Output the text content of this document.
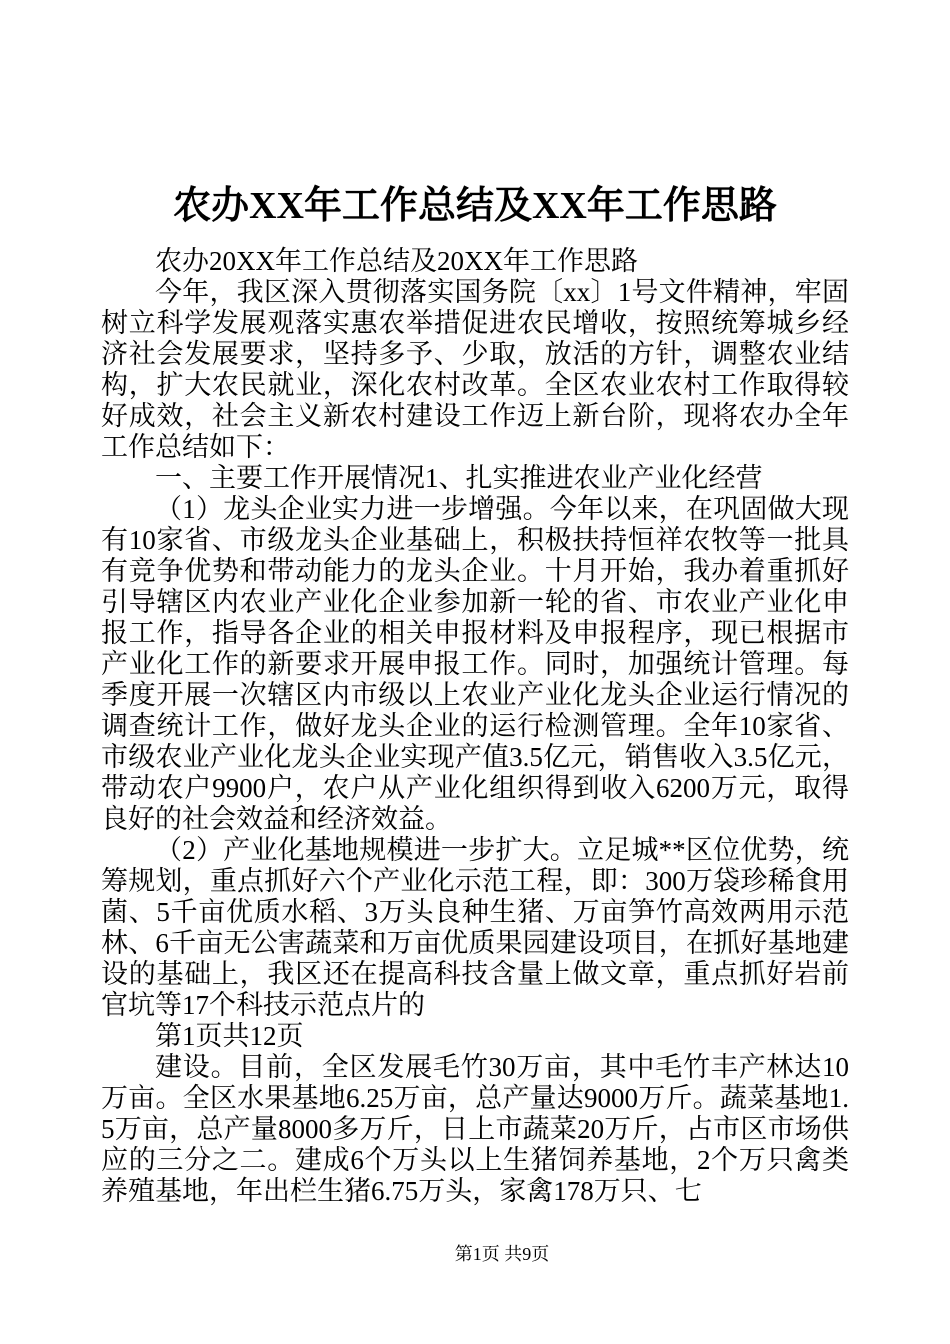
农办XX年工作总结及XX年工作思路

农办20XX年工作总结及20XX年工作思路

今年，我区深入贯彻落实国务院〔xx〕1号文件精神，牢固树立科学发展观落实惠农举措促进农民增收，按照统筹城乡经济社会发展要求，坚持多予、少取，放活的方针，调整农业结构，扩大农民就业，深化农村改革。全区农业农村工作取得较好成效，社会主义新农村建设工作迈上新台阶，现将农办全年工作总结如下：

一、主要工作开展情况1、扎实推进农业产业化经营

（1）龙头企业实力进一步增强。今年以来，在巩固做大现有10家省、市级龙头企业基础上，积极扶持恒祥农牧等一批具有竞争优势和带动能力的龙头企业。十月开始，我办着重抓好引导辖区内农业产业化企业参加新一轮的省、市农业产业化申报工作，指导各企业的相关申报材料及申报程序，现已根据市产业化工作的新要求开展申报工作。同时，加强统计管理。每季度开展一次辖区内市级以上农业产业化龙头企业运行情况的调查统计工作，做好龙头企业的运行检测管理。全年10家省、市级农业产业化龙头企业实现产值3.5亿元，销售收入3.5亿元，带动农户9900户，农户从产业化组织得到收入6200万元，取得良好的社会效益和经济效益。

（2）产业化基地规模进一步扩大。立足城**区位优势，统筹规划，重点抓好六个产业化示范工程，即：300万袋珍稀食用菌、5千亩优质水稻、3万头良种生猪、万亩笋竹高效两用示范林、6千亩无公害蔬菜和万亩优质果园建设项目，在抓好基地建设的基础上，我区还在提高科技含量上做文章，重点抓好岩前官坑等17个科技示范点片的

第1页共12页

建设。目前，全区发展毛竹30万亩，其中毛竹丰产林达10万亩。全区水果基地6.25万亩，总产量达9000万斤。蔬菜基地1.5万亩，总产量8000多万斤，日上市蔬菜20万斤，占市区市场供应的三分之二。建成6个万头以上生猪饲养基地，2个万只禽类养殖基地，年出栏生猪6.75万头，家禽178万只、七

第1页 共9页
